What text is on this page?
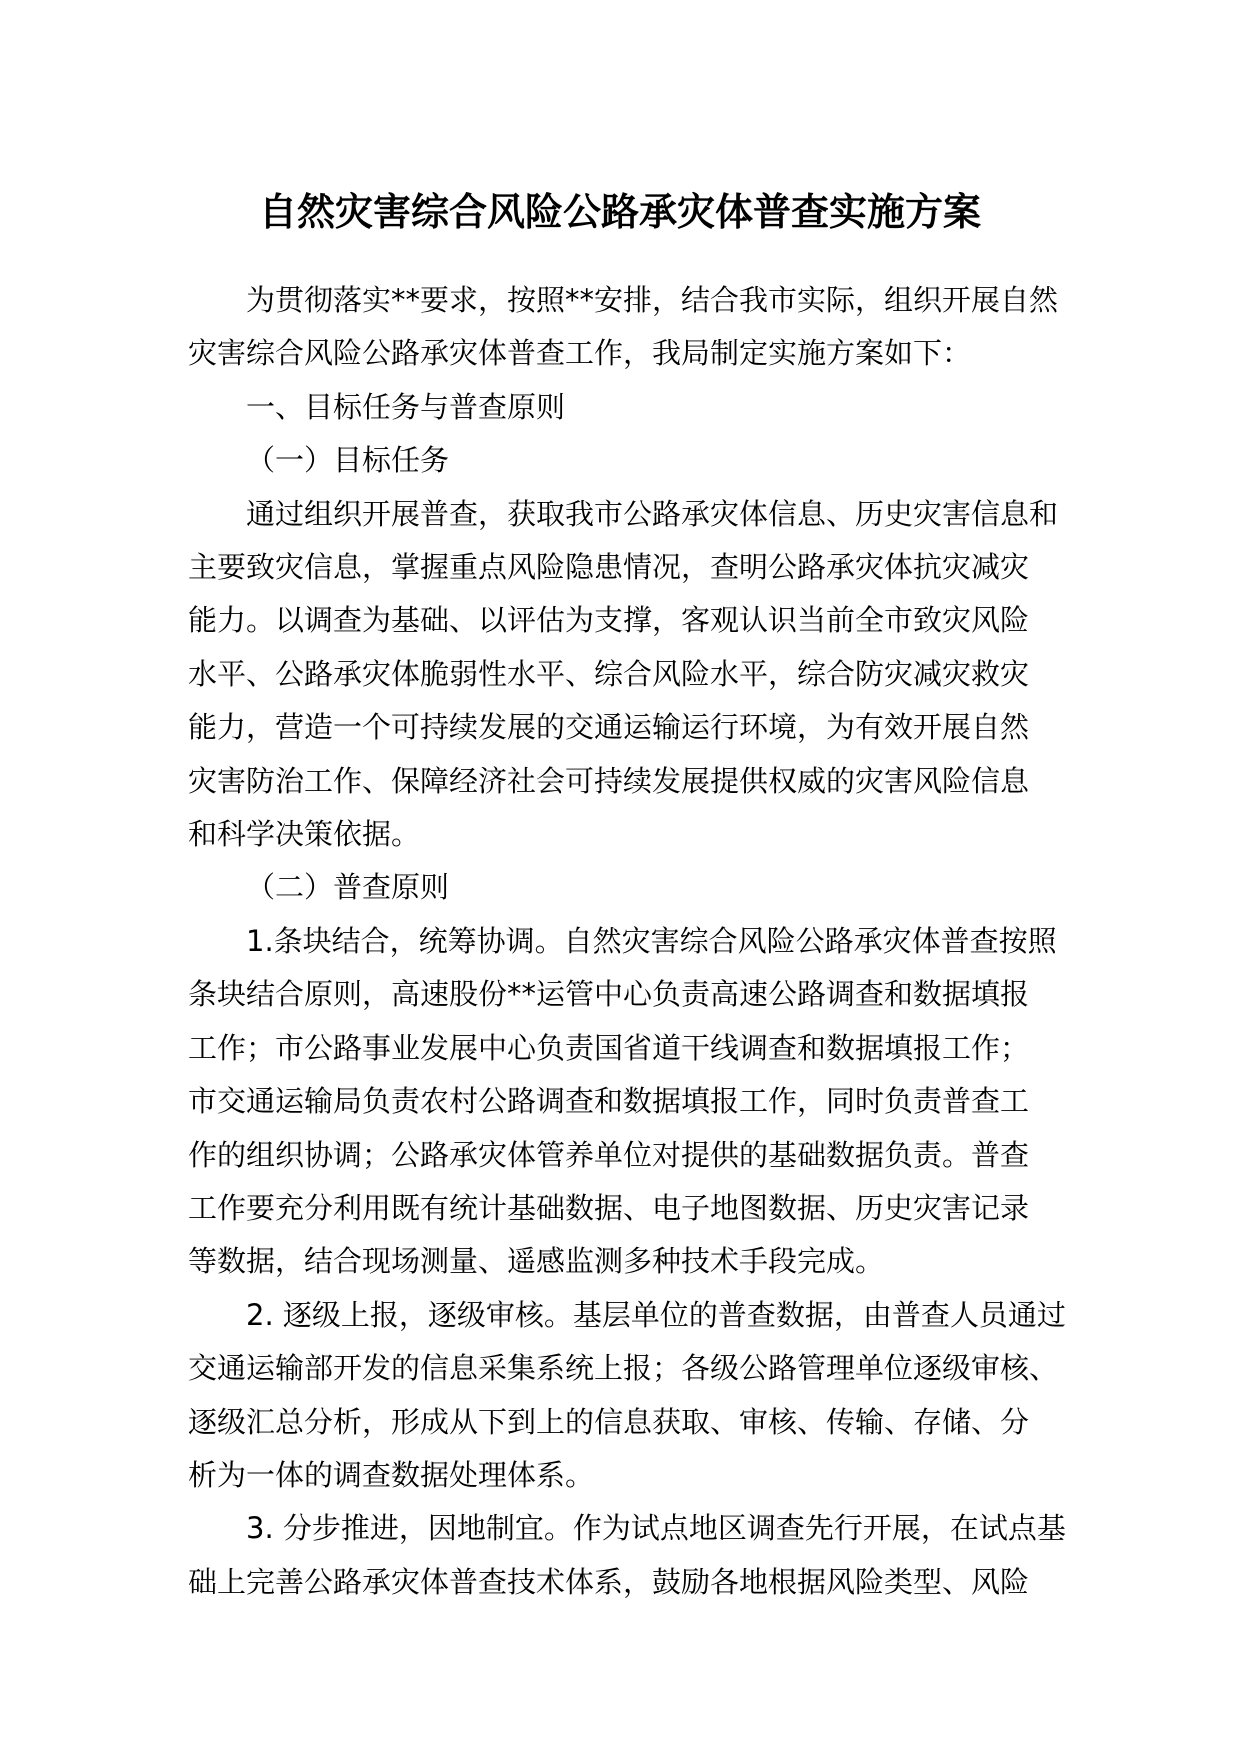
自然灾害综合风险公路承灾体普查实施方案

为贯彻落实**要求，按照**安排，结合我市实际，组织开展自然
灾害综合风险公路承灾体普查工作，我局制定实施方案如下：

一、目标任务与普查原则

（一）目标任务

通过组织开展普查，获取我市公路承灾体信息、历史灾害信息和
主要致灾信息，掌握重点风险隐患情况，查明公路承灾体抗灾减灾
能力。以调查为基础、以评估为支撑，客观认识当前全市致灾风险
水平、公路承灾体脆弱性水平、综合风险水平，综合防灾减灾救灾
能力，营造一个可持续发展的交通运输运行环境，为有效开展自然
灾害防治工作、保障经济社会可持续发展提供权威的灾害风险信息
和科学决策依据。

（二）普查原则

1.条块结合，统筹协调。自然灾害综合风险公路承灾体普查按照
条块结合原则，高速股份**运管中心负责高速公路调查和数据填报
工作；市公路事业发展中心负责国省道干线调查和数据填报工作；
市交通运输局负责农村公路调查和数据填报工作，同时负责普查工
作的组织协调；公路承灾体管养单位对提供的基础数据负责。普查
工作要充分利用既有统计基础数据、电子地图数据、历史灾害记录
等数据，结合现场测量、遥感监测多种技术手段完成。

2. 逐级上报，逐级审核。基层单位的普查数据，由普查人员通过
交通运输部开发的信息采集系统上报；各级公路管理单位逐级审核、
逐级汇总分析，形成从下到上的信息获取、审核、传输、存储、分
析为一体的调查数据处理体系。

3. 分步推进，因地制宜。作为试点地区调查先行开展，在试点基
础上完善公路承灾体普查技术体系，鼓励各地根据风险类型、风险
